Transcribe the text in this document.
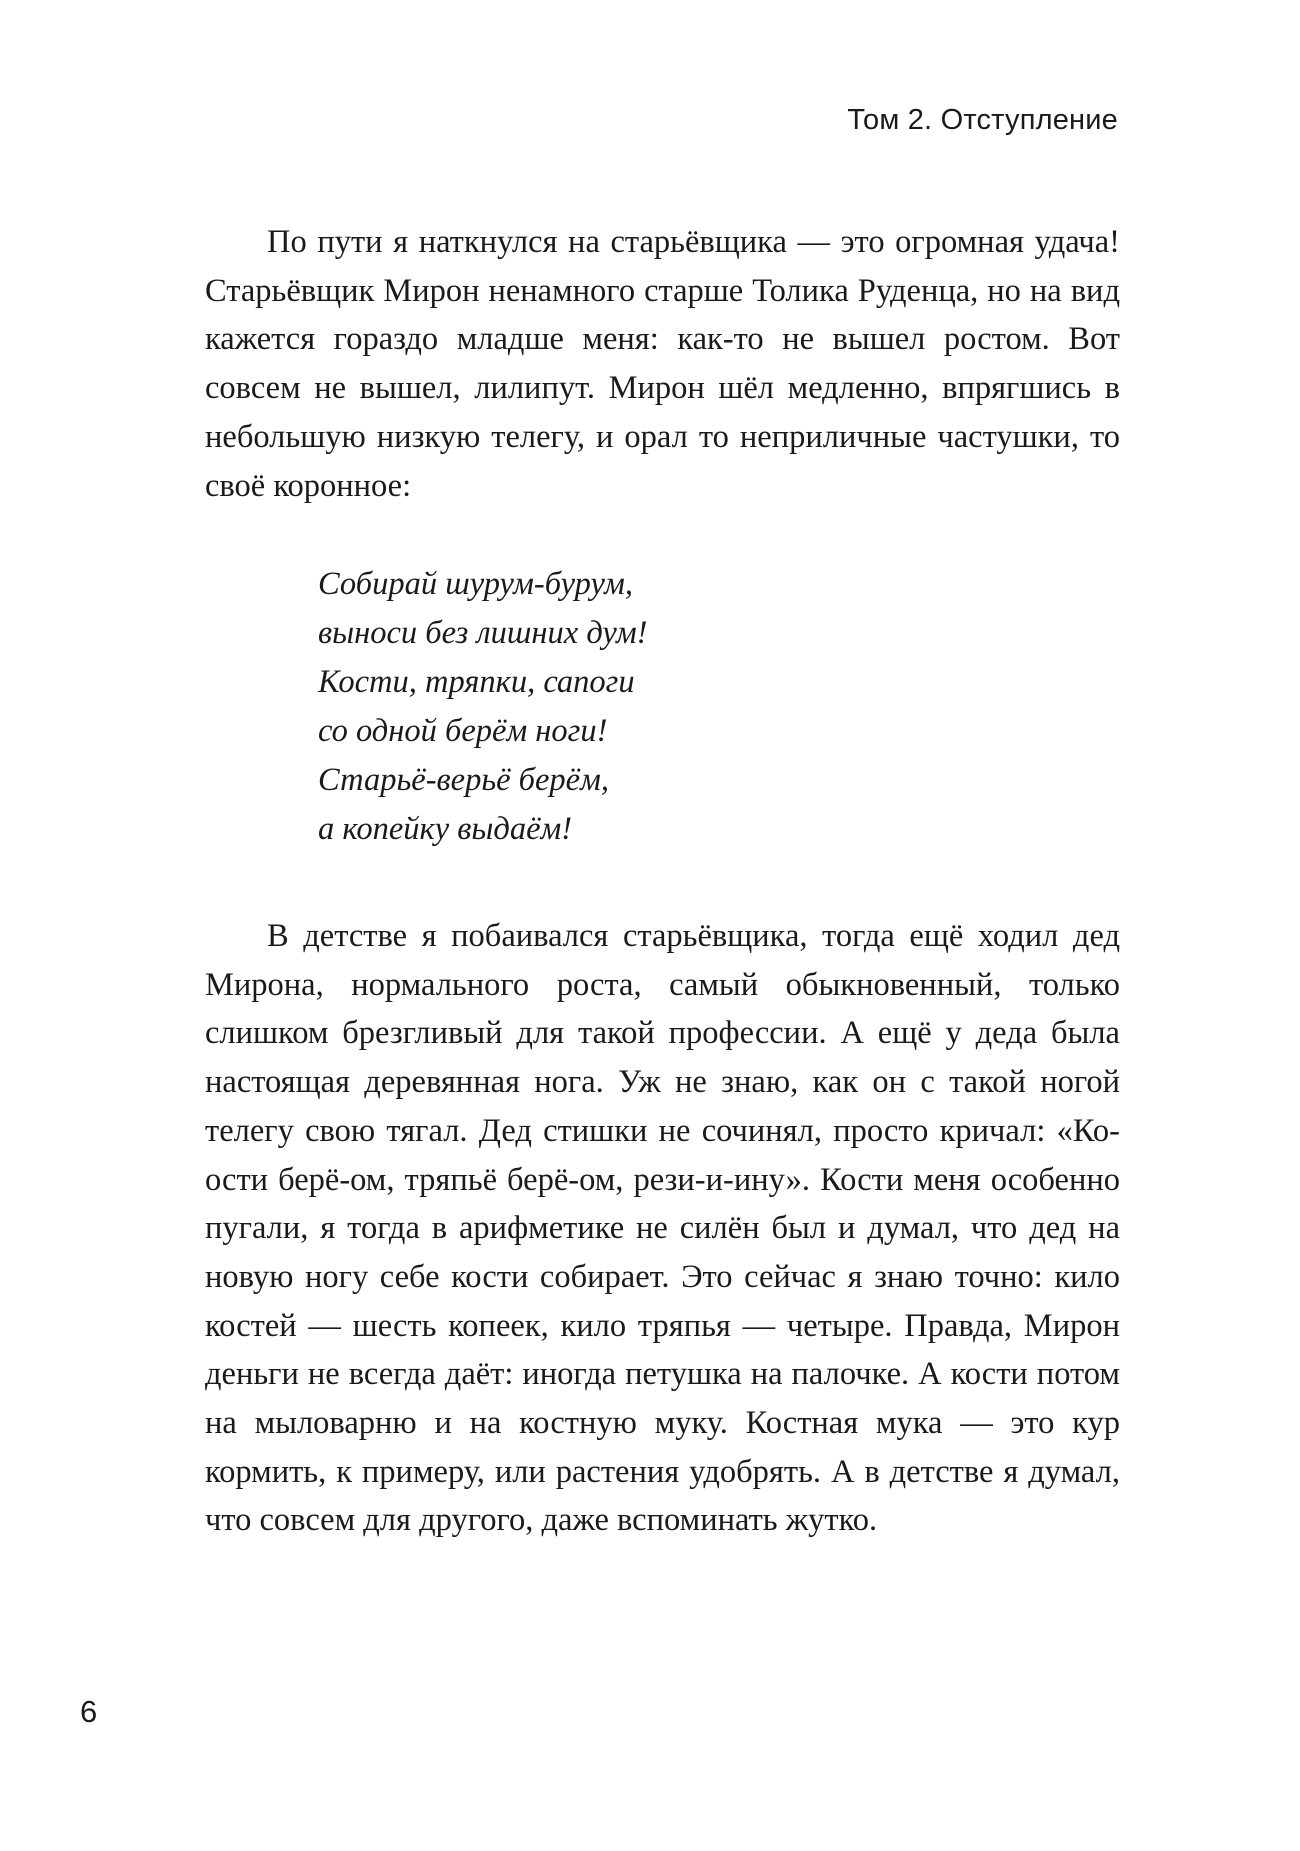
Том 2. Отступление

По пути я наткнулся на старьёвщика — это огромная удача! Старьёвщик Мирон ненамного старше Толика Руденца, но на вид кажется гораздо младше меня: как-то не вышел ростом. Вот совсем не вышел, лилипут. Мирон шёл медленно, впрягшись в небольшую низкую телегу, и орал то неприличные частушки, то своё коронное:

Собирай шурум-бурум,
выноси без лишних дум!
Кости, тряпки, сапоги
со одной берём ноги!
Старьё-верьё берём,
а копейку выдаём!

В детстве я побаивался старьёвщика, тогда ещё ходил дед Мирона, нормального роста, самый обыкновенный, только слишком брезгливый для такой профессии. А ещё у деда была настоящая деревянная нога. Уж не знаю, как он с такой ногой телегу свою тягал. Дед стишки не сочинял, просто кричал: «Ко-ости берё-ом, тряпьё берё-ом, рези-и-ину». Кости меня особенно пугали, я тогда в арифметике не силён был и думал, что дед на новую ногу себе кости собирает. Это сейчас я знаю точно: кило костей — шесть копеек, кило тряпья — четыре. Правда, Мирон деньги не всегда даёт: иногда петушка на палочке. А кости потом на мыловарню и на костную муку. Костная мука — это кур кормить, к примеру, или растения удобрять. А в детстве я думал, что совсем для другого, даже вспоминать жутко.

6
